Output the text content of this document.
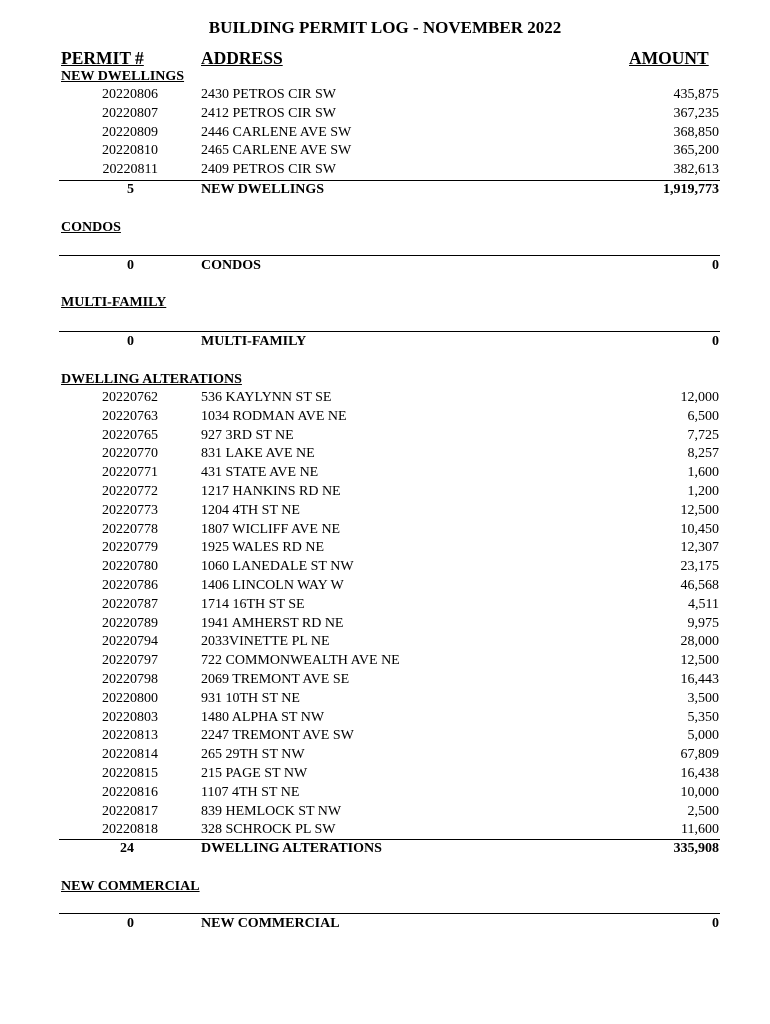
BUILDING PERMIT LOG - NOVEMBER 2022
PERMIT #	ADDRESS	AMOUNT
NEW DWELLINGS
20220806	2430 PETROS CIR SW	435,875
20220807	2412 PETROS CIR SW	367,235
20220809	2446 CARLENE AVE SW	368,850
20220810	2465 CARLENE AVE SW	365,200
20220811	2409 PETROS CIR SW	382,613
5	NEW DWELLINGS	1,919,773
CONDOS
0	CONDOS	0
MULTI-FAMILY
0	MULTI-FAMILY	0
DWELLING ALTERATIONS
20220762	536 KAYLYNN ST SE	12,000
20220763	1034 RODMAN AVE NE	6,500
20220765	927 3RD ST NE	7,725
20220770	831 LAKE AVE NE	8,257
20220771	431 STATE AVE NE	1,600
20220772	1217 HANKINS RD NE	1,200
20220773	1204 4TH ST NE	12,500
20220778	1807 WICLIFF AVE NE	10,450
20220779	1925 WALES RD NE	12,307
20220780	1060 LANEDALE ST NW	23,175
20220786	1406 LINCOLN WAY W	46,568
20220787	1714 16TH ST SE	4,511
20220789	1941 AMHERST RD NE	9,975
20220794	2033VINETTE PL NE	28,000
20220797	722 COMMONWEALTH AVE NE	12,500
20220798	2069 TREMONT AVE SE	16,443
20220800	931 10TH ST NE	3,500
20220803	1480 ALPHA ST NW	5,350
20220813	2247 TREMONT AVE SW	5,000
20220814	265 29TH ST NW	67,809
20220815	215 PAGE ST NW	16,438
20220816	1107 4TH ST NE	10,000
20220817	839 HEMLOCK ST NW	2,500
20220818	328 SCHROCK PL SW	11,600
24	DWELLING ALTERATIONS	335,908
NEW COMMERCIAL
0	NEW COMMERCIAL	0
